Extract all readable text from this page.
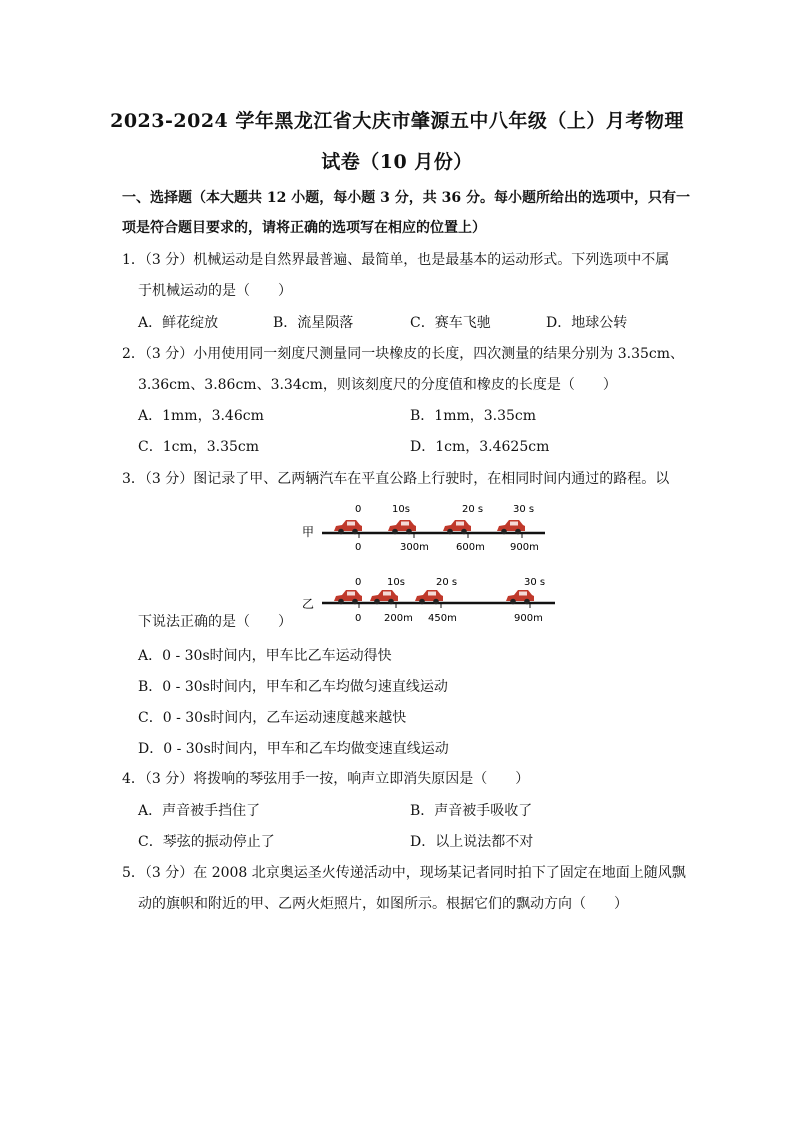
2023-2024 学年黑龙江省大庆市肇源五中八年级（上）月考物理
试卷（10 月份）
一、选择题（本大题共 12 小题，每小题 3 分，共 36 分。每小题所给出的选项中，只有一
项是符合题目要求的，请将正确的选项写在相应的位置上）
1．（3 分）机械运动是自然界最普遍、最简单，也是最基本的运动形式。下列选项中不属
于机械运动的是（　　）
A．鲜花绽放	B．流星陨落	C．赛车飞驰	D．地球公转
2．（3 分）小用使用同一刻度尺测量同一块橡皮的长度，四次测量的结果分别为 3.35cm、
3.36cm、3.86cm、3.34cm，则该刻度尺的分度值和橡皮的长度是（　　）
A．1mm，3.46cm	B．1mm，3.35cm
C．1cm，3.35cm	D．1cm，3.4625cm
3．（3 分）图记录了甲、乙两辆汽车在平直公路上行驶时，在相同时间内通过的路程。以
甲
0	10s	20 s	30 s
0	300m	600m	900m
乙
0	10s	20 s	30 s
0 200m 450m	900m
下说法正确的是（　　）
A．0 - 30s时间内，甲车比乙车运动得快
B．0 - 30s时间内，甲车和乙车均做匀速直线运动
C．0 - 30s时间内，乙车运动速度越来越快
D．0 - 30s时间内，甲车和乙车均做变速直线运动
4．（3 分）将拨响的琴弦用手一按，响声立即消失原因是（　　）
A．声音被手挡住了	B．声音被手吸收了
C．琴弦的振动停止了	D．以上说法都不对
5．（3 分）在 2008 北京奥运圣火传递活动中，现场某记者同时拍下了固定在地面上随风飘
动的旗帜和附近的甲、乙两火炬照片，如图所示。根据它们的飘动方向（　　）
